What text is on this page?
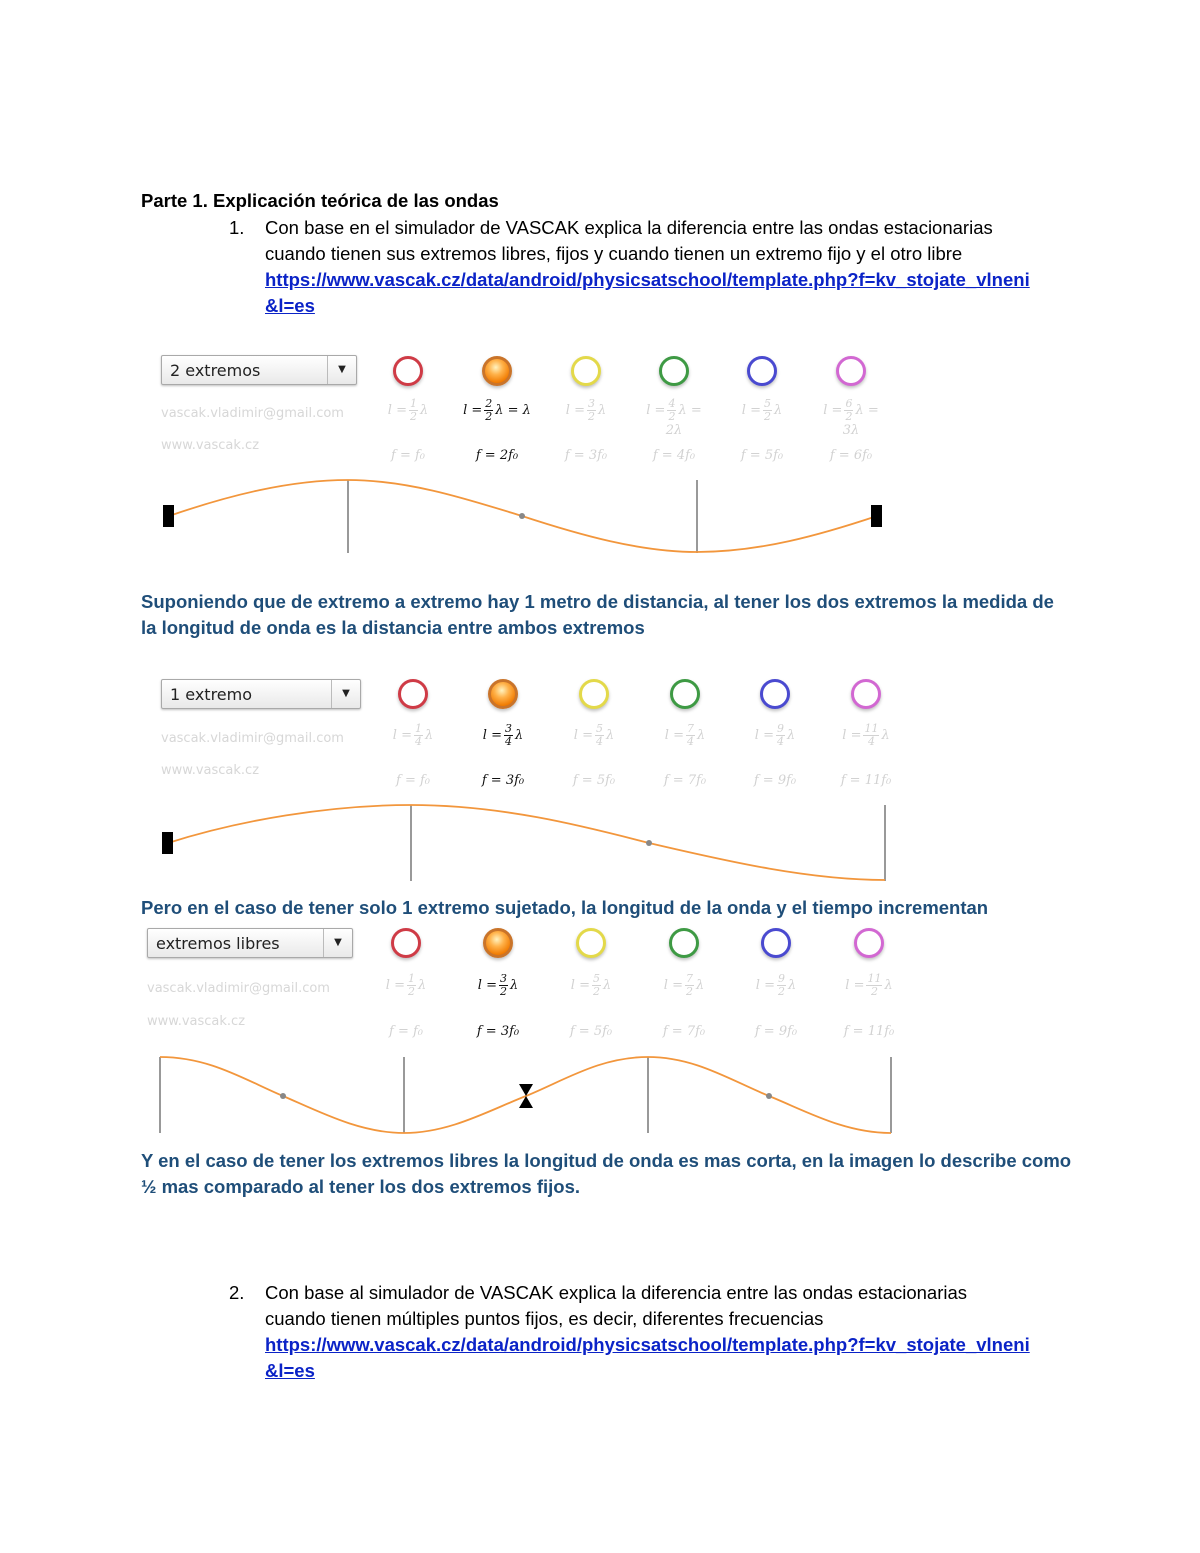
Parte 1. Explicación teórica de las ondas
1. Con base en el simulador de VASCAK explica la diferencia entre las ondas estacionarias
cuando tienen sus extremos libres, fijos y cuando tienen un extremo fijo y el otro libre
https://www.vascak.cz/data/android/physicsatschool/template.php?f=kv_stojate_vlneni
&l=es
2 extremos	▼
vascak.vladimir@gmail.com
www.vascak.cz
Suponiendo que de extremo a extremo hay 1 metro de distancia, al tener los dos extremos la medida de
la longitud de onda es la distancia entre ambos extremos
1 extremo	▼
vascak.vladimir@gmail.com
www.vascak.cz
Pero en el caso de tener solo 1 extremo sujetado, la longitud de la onda y el tiempo incrementan
extremos libres	▼
vascak.vladimir@gmail.com
www.vascak.cz
Y en el caso de tener los extremos libres la longitud de onda es mas corta, en la imagen lo describe como
½ mas comparado al tener los dos extremos fijos.
2. Con base al simulador de VASCAK explica la diferencia entre las ondas estacionarias
cuando tienen múltiples puntos fijos, es decir, diferentes frecuencias
https://www.vascak.cz/data/android/physicsatschool/template.php?f=kv_stojate_vlneni
&l=es
$l = \frac{1}{2}$ λ
f = f₀
$l = \frac{2}{2}$ λ = λ
f = 2f₀
$l = \frac{3}{2}$ λ
f = 3f₀
$l = \frac{4}{2}$ λ = 2λ
f = 4f₀
$l = \frac{5}{2}$ λ
f = 5f₀
$l = \frac{6}{2}$ λ = 3λ
f = 6f₀
$l = \frac{1}{4}$ λ
f = f₀
$l = \frac{3}{4}$ λ
f = 3f₀
$l = \frac{5}{4}$ λ
f = 5f₀
$l = \frac{7}{4}$ λ
f = 7f₀
$l = \frac{9}{4}$ λ
f = 9f₀
$l = \frac{11}{4}$ λ
f = 11f₀
$l = \frac{1}{2}$ λ
f = f₀
$l = \frac{3}{2}$ λ
f = 3f₀
$l = \frac{5}{2}$ λ
f = 5f₀
$l = \frac{7}{2}$ λ
f = 7f₀
$l = \frac{9}{2}$ λ
f = 9f₀
$l = \frac{11}{2}$ λ
f = 11f₀
